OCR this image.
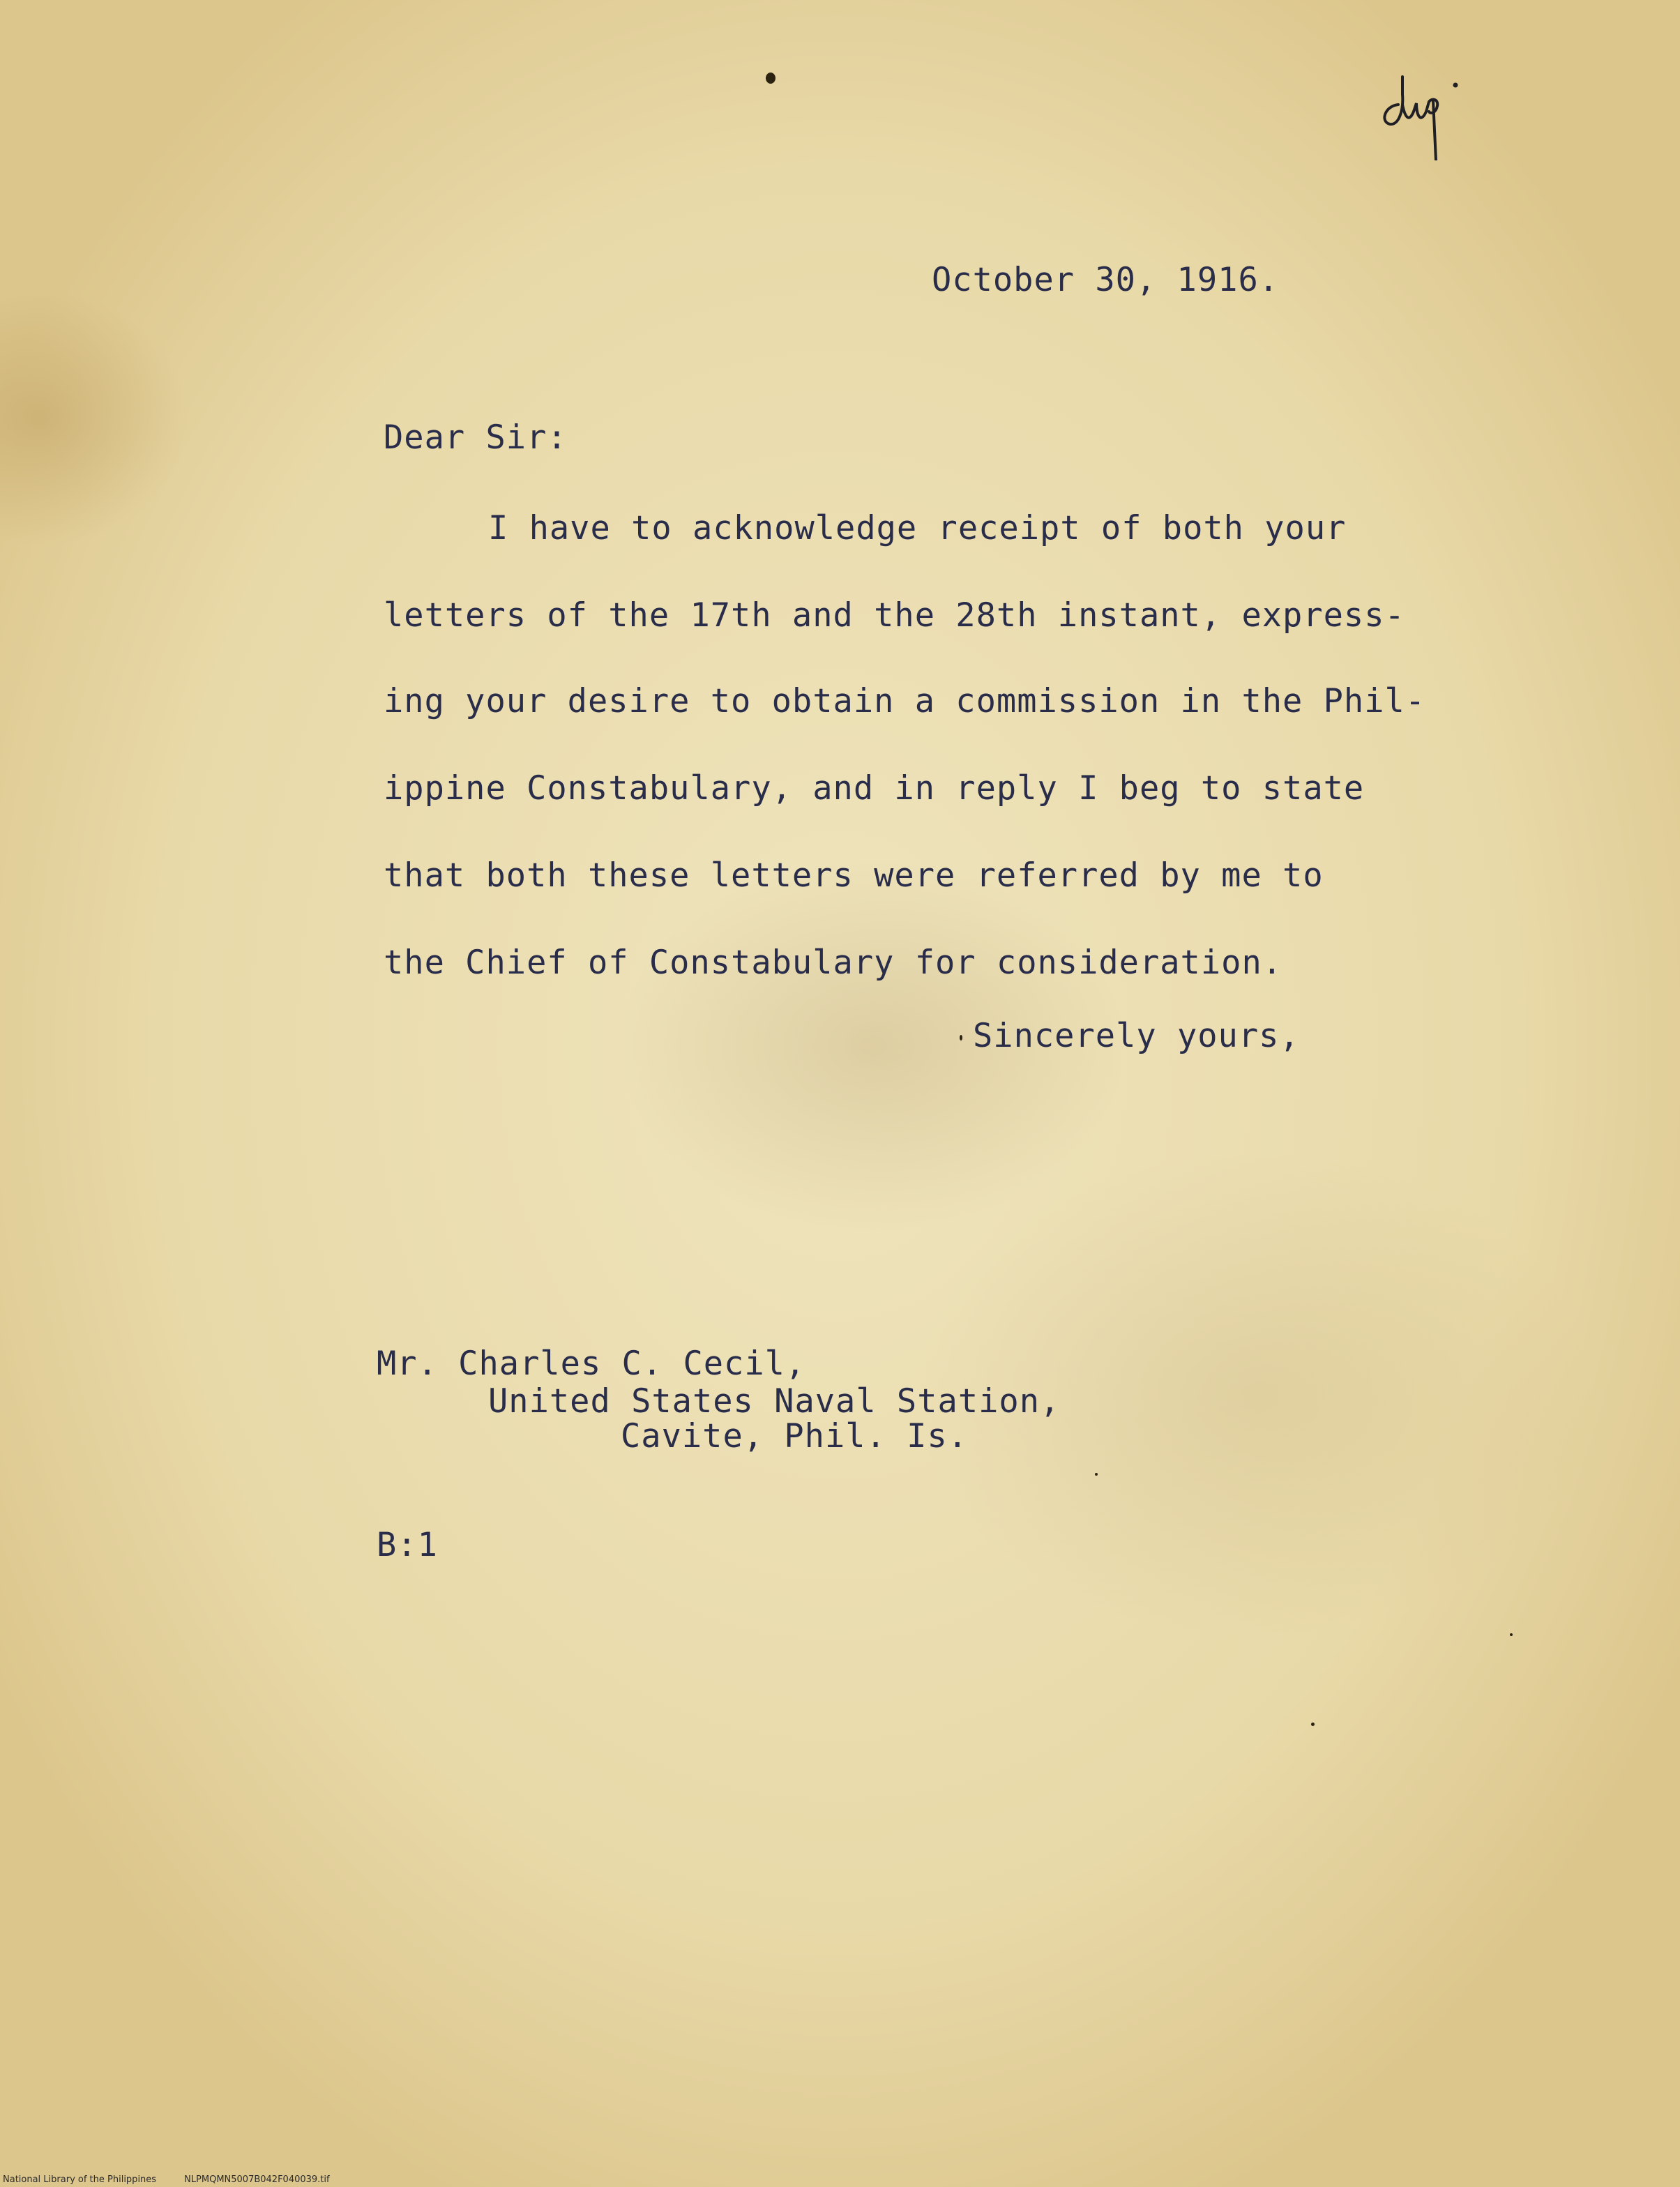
October 30, 1916.
Dear Sir:
I have to acknowledge receipt of both your
letters of the 17th and the 28th instant, express-
ing your desire to obtain a commission in the Phil-
ippine Constabulary, and in reply I beg to state
that both these letters were referred by me to
the Chief of Constabulary for consideration.
Sincerely yours,
Mr. Charles C. Cecil,
United States Naval Station,
Cavite, Phil. Is.
B:1
National Library of the Philippines	NLPMQMN5007B042F040039.tif
